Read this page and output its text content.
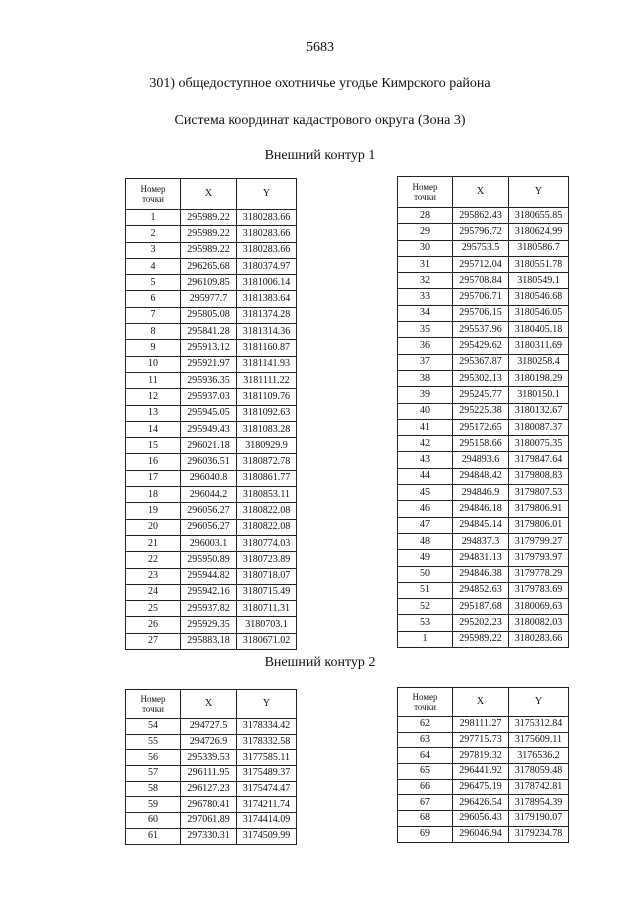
5683
301) общедоступное охотничье угодье Кимрского района
Система координат кадастрового округа (Зона 3)
Внешний контур 1
Внешний контур 2
Номер
точки	X	Y
1	295989.22	3180283.66
2	295989.22	3180283.66
3	295989.22	3180283.66
4	296265.68	3180374.97
5	296109.85	3181006.14
6	295977.7	3181383.64
7	295805.08	3181374.28
8	295841.28	3181314.36
9	295913.12	3181160.87
10	295921.97	3181141.93
11	295936.35	3181111.22
12	295937.03	3181109.76
13	295945.05	3181092.63
14	295949.43	3181083.28
15	296021.18	3180929.9
16	296036.51	3180872.78
17	296040.8	3180861.77
18	296044.2	3180853.11
19	296056.27	3180822.08
20	296056.27	3180822.08
21	296003.1	3180774.03
22	295950.89	3180723.89
23	295944.82	3180718.07
24	295942.16	3180715.49
25	295937.82	3180711.31
26	295929.35	3180703.1
27	295883.18	3180671.02
Номер
точки	X	Y
28	295862.43	3180655.85
29	295796.72	3180624.99
30	295753.5	3180586.7
31	295712.04	3180551.78
32	295708.84	3180549.1
33	295706.71	3180546.68
34	295706.15	3180546.05
35	295537.96	3180405.18
36	295429.62	3180311.69
37	295367.87	3180258.4
38	295302.13	3180198.29
39	295245.77	3180150.1
40	295225.38	3180132.67
41	295172.65	3180087.37
42	295158.66	3180075.35
43	294893.6	3179847.64
44	294848.42	3179808.83
45	294846.9	3179807.53
46	294846.18	3179806.91
47	294845.14	3179806.01
48	294837.3	3179799.27
49	294831.13	3179793.97
50	294846.38	3179778.29
51	294852.63	3179783.69
52	295187.68	3180069.63
53	295202.23	3180082.03
1	295989.22	3180283.66
Номер
точки	X	Y
54	294727.5	3178334.42
55	294726.9	3178332.58
56	295339.53	3177585.11
57	296111.95	3175489.37
58	296127.23	3175474.47
59	296780.41	3174211.74
60	297061.89	3174414.09
61	297330.31	3174509.99
Номер
точки	X	Y
62	298111.27	3175312.84
63	297715.73	3175609.11
64	297819.32	3176536.2
65	296441.92	3178059.48
66	296475.19	3178742.81
67	296426.54	3178954.39
68	296056.43	3179190.07
69	296046.94	3179234.78
